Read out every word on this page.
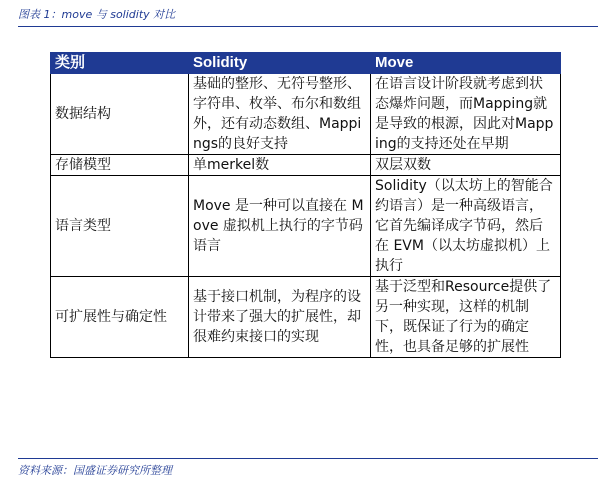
图表 1：move 与 solidity 对比
类别	Solidity	Move
数据结构	基础的整形、无符号整形、字符串、枚举、布尔和数组外，还有动态数组、Mappings的良好支持	在语言设计阶段就考虑到状态爆炸问题，而Mapping就是导致的根源，因此对Mapping的支持还处在早期
存储模型	单merkel数	双层双数
语言类型	Move 是一种可以直接在 Move 虚拟机上执行的字节码语言	Solidity（以太坊上的智能合约语言）是一种高级语言，它首先编译成字节码，然后在 EVM（以太坊虚拟机）上执行
可扩展性与确定性	基于接口机制，为程序的设计带来了强大的扩展性，却很难约束接口的实现	基于泛型和Resource提供了另一种实现，这样的机制下，既保证了行为的确定性，也具备足够的扩展性
资料来源：国盛证券研究所整理
